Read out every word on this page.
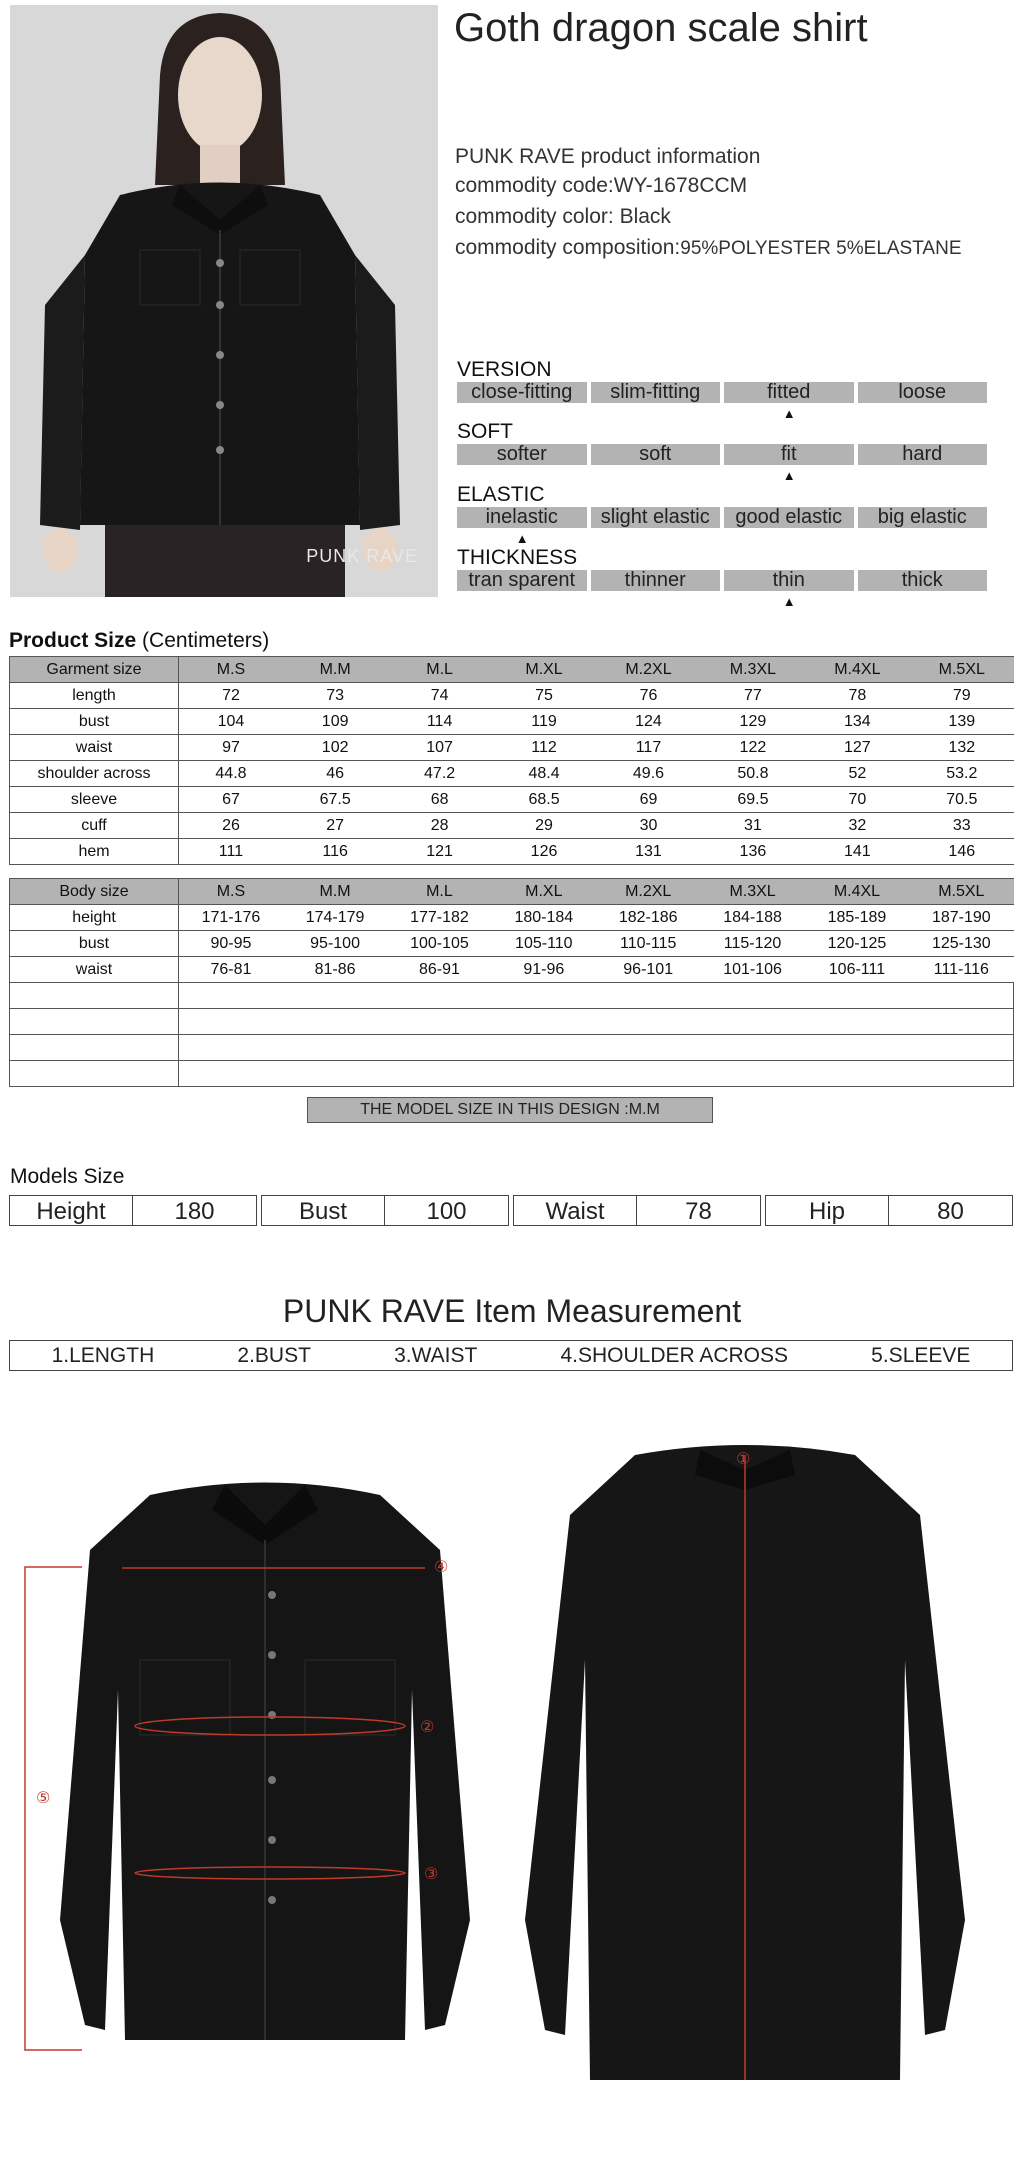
PUNK RAVE
Goth dragon scale shirt
PUNK RAVE product information
commodity code:WY-1678CCM
commodity color: Black
commodity composition:95%POLYESTER 5%ELASTANE
VERSION
close-fitting	slim-fitting	fitted	loose
▲
SOFT
softer	soft	fit	hard
▲
ELASTIC
inelastic	slight elastic	good elastic	big elastic
▲
THICKNESS
tran sparent	thinner	thin	thick
▲
Product Size (Centimeters)
Garment size	M.S	M.M	M.L	M.XL	M.2XL	M.3XL	M.4XL	M.5XL
length	72	73	74	75	76	77	78	79
bust	104	109	114	119	124	129	134	139
waist	97	102	107	112	117	122	127	132
shoulder across	44.8	46	47.2	48.4	49.6	50.8	52	53.2
sleeve	67	67.5	68	68.5	69	69.5	70	70.5
cuff	26	27	28	29	30	31	32	33
hem	111	116	121	126	131	136	141	146
Body size	M.S	M.M	M.L	M.XL	M.2XL	M.3XL	M.4XL	M.5XL
height	171-176	174-179	177-182	180-184	182-186	184-188	185-189	187-190
bust	90-95	95-100	100-105	105-110	110-115	115-120	120-125	125-130
waist	76-81	81-86	86-91	91-96	96-101	101-106	106-111	111-116

THE MODEL SIZE IN THIS DESIGN :M.M
Models Size
Height	180	Bust	100	Waist	78	Hip	80
PUNK RAVE Item Measurement
1.LENGTH	2.BUST	3.WAIST	4.SHOULDER ACROSS	5.SLEEVE
④
②
③
⑤
①
